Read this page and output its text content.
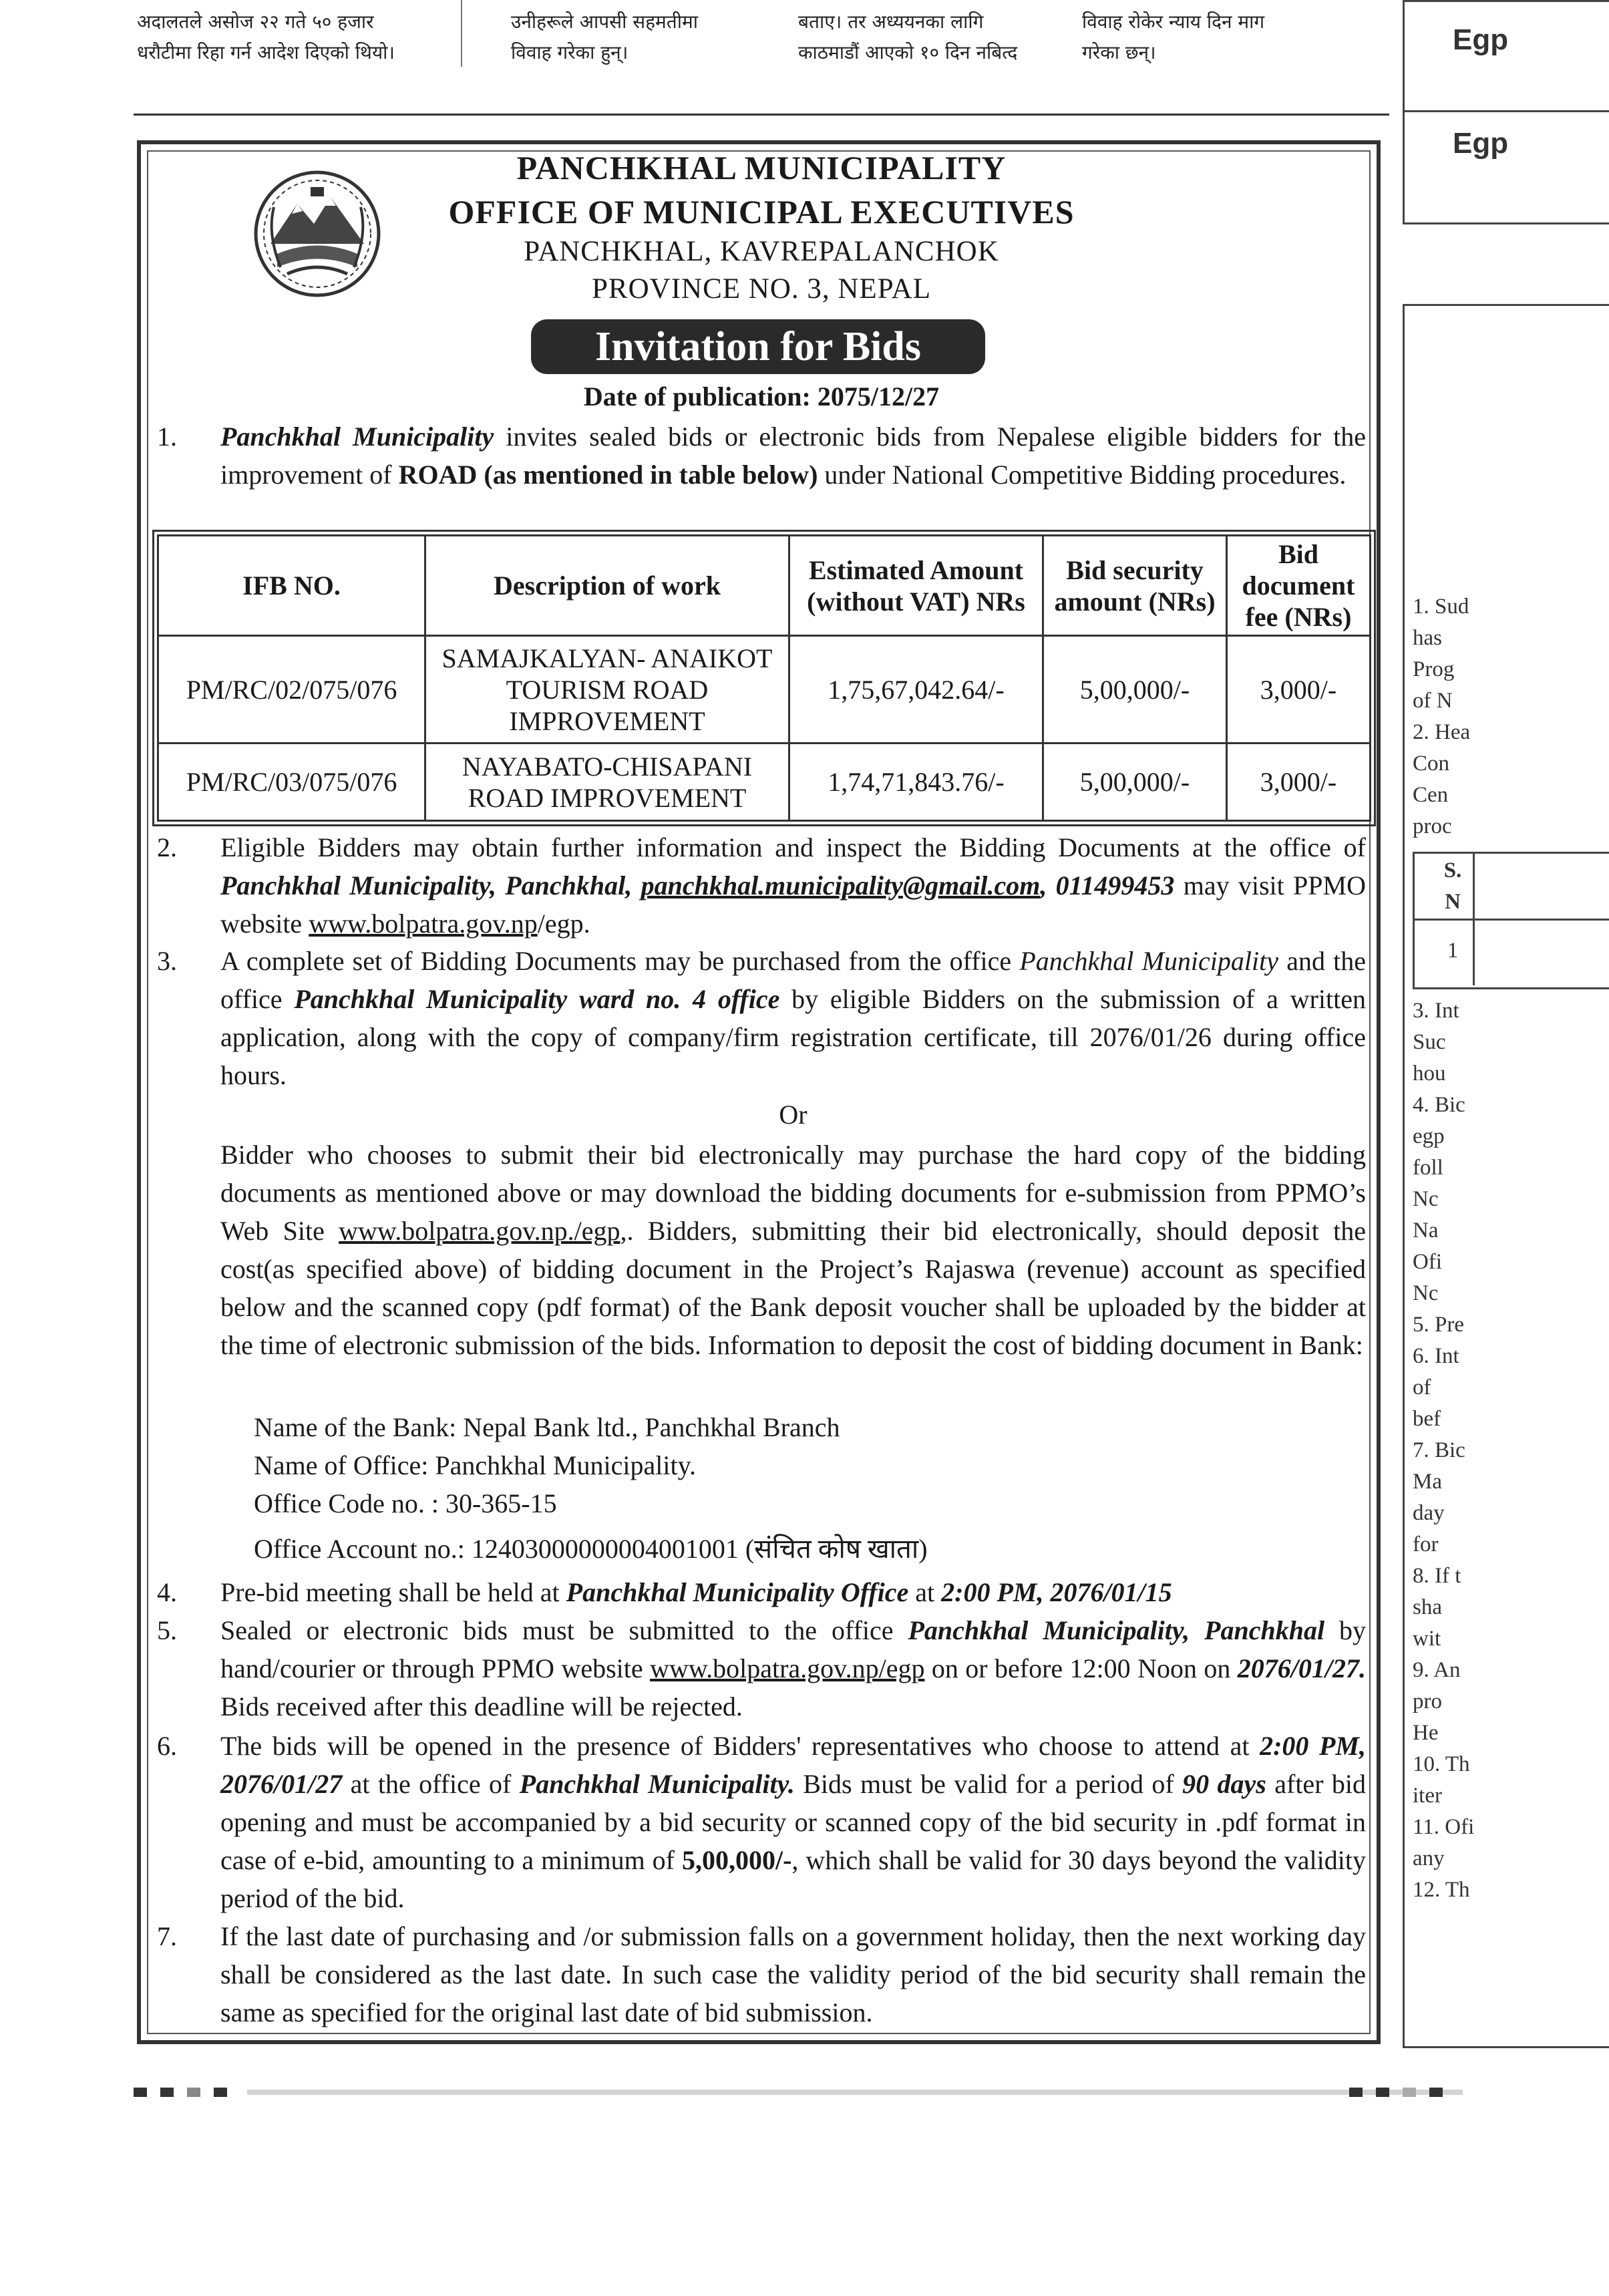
अदालतले असोज २२ गते ५० हजार
धरौटीमा रिहा गर्न आदेश दिएको थियो।
उनीहरूले आपसी सहमतीमा
विवाह गरेका हुन्।
बताए। तर अध्ययनका लागि
काठमाडौं आएको १० दिन नबित्द
विवाह रोकेर न्याय दिन माग
गरेका छन्।	Egp
Egp
1. Sud
has
Prog
of N
2. Hea
Con
Cen
proc
S.
N
1
3. Int
Suc
hou
4. Bic
egp
foll
Nc
Na
Ofi
Nc
5. Pre
6. Int
of
bef
7. Bic
Ma
day
for
8. If t
sha
wit
9. An
pro
He
10. Th
iter
11. Ofi
any
12. Th
PANCHKHAL MUNICIPALITY
OFFICE OF MUNICIPAL EXECUTIVES
PANCHKHAL, KAVREPALANCHOK
PROVINCE NO. 3, NEPAL
Invitation for Bids
Date of publication: 2075/12/27
1. Panchkhal Municipality invites sealed bids or electronic bids from Nepalese eligible bidders for the improvement of ROAD (as mentioned in table below) under National Competitive Bidding procedures.
IFB NO.	Description of work	Estimated Amount (without VAT) NRs	Bid security amount (NRs)	Bid document fee (NRs)
PM/RC/02/075/076	SAMAJKALYAN- ANAIKOT TOURISM ROAD IMPROVEMENT	1,75,67,042.64/-	5,00,000/-	3,000/-
PM/RC/03/075/076	NAYABATO-CHISAPANI ROAD IMPROVEMENT	1,74,71,843.76/-	5,00,000/-	3,000/-
2. Eligible Bidders may obtain further information and inspect the Bidding Documents at the office of Panchkhal Municipality, Panchkhal, panchkhal.municipality@gmail.com, 011499453 may visit PPMO website www.bolpatra.gov.np/egp.
3. A complete set of Bidding Documents may be purchased from the office Panchkhal Municipality and the office Panchkhal Municipality ward no. 4 office by eligible Bidders on the submission of a written application, along with the copy of company/firm registration certificate, till 2076/01/26 during office hours.
Or
Bidder who chooses to submit their bid electronically may purchase the hard copy of the bidding documents as mentioned above or may download the bidding documents for e-submission from PPMO’s Web Site www.bolpatra.gov.np./egp,. Bidders, submitting their bid electronically, should deposit the cost(as specified above) of bidding document in the Project’s Rajaswa (revenue) account as specified below and the scanned copy (pdf format) of the Bank deposit voucher shall be uploaded by the bidder at the time of electronic submission of the bids. Information to deposit the cost of bidding document in Bank:
Name of the Bank: Nepal Bank ltd., Panchkhal Branch
Name of Office: Panchkhal Municipality.
Office Code no. : 30-365-15
Office Account no.: 12403000000004001001 (संचित कोष खाता)
4. Pre-bid meeting shall be held at Panchkhal Municipality Office at 2:00 PM, 2076/01/15
5. Sealed or electronic bids must be submitted to the office Panchkhal Municipality, Panchkhal by hand/courier or through PPMO website www.bolpatra.gov.np/egp on or before 12:00 Noon on 2076/01/27. Bids received after this deadline will be rejected.
6. The bids will be opened in the presence of Bidders' representatives who choose to attend at 2:00 PM, 2076/01/27 at the office of Panchkhal Municipality. Bids must be valid for a period of 90 days after bid opening and must be accompanied by a bid security or scanned copy of the bid security in .pdf format in case of e-bid, amounting to a minimum of 5,00,000/-, which shall be valid for 30 days beyond the validity period of the bid.
7. If the last date of purchasing and /or submission falls on a government holiday, then the next working day shall be considered as the last date. In such case the validity period of the bid security shall remain the same as specified for the original last date of bid submission.
